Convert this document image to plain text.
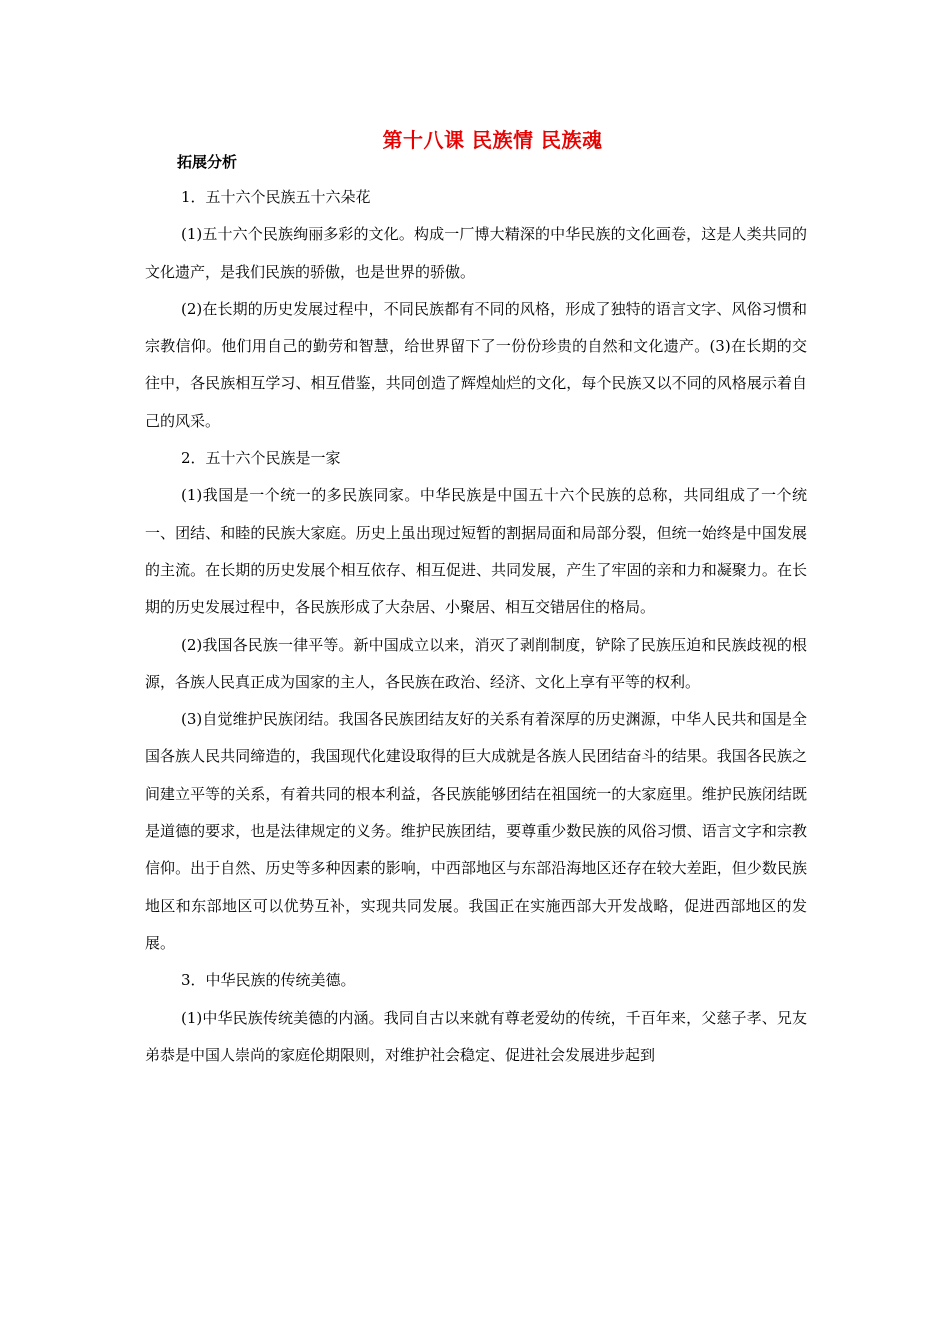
第十八课 民族情 民族魂
拓展分析
1．五十六个民族五十六朵花
(1)五十六个民族绚丽多彩的文化。构成一厂博大精深的中华民族的文化画卷，这是人类共同的文化遗产，是我们民族的骄傲，也是世界的骄傲。
(2)在长期的历史发展过程中，不同民族都有不同的风格，形成了独特的语言文字、风俗习惯和宗教信仰。他们用自己的勤劳和智慧，给世界留下了一份份珍贵的自然和文化遗产。(3)在长期的交往中，各民族相互学习、相互借鉴，共同创造了辉煌灿烂的文化，每个民族又以不同的风格展示着自己的风采。
2．五十六个民族是一家
(1)我国是一个统一的多民族同家。中华民族是中国五十六个民族的总称，共同组成了一个统一、团结、和睦的民族大家庭。历史上虽出现过短暂的割据局面和局部分裂，但统一始终是中国发展的主流。在长期的历史发展个相互依存、相互促进、共同发展，产生了牢固的亲和力和凝聚力。在长期的历史发展过程中，各民族形成了大杂居、小聚居、相互交错居住的格局。
(2)我国各民族一律平等。新中国成立以来，消灭了剥削制度，铲除了民族压迫和民族歧视的根源，各族人民真正成为国家的主人，各民族在政治、经济、文化上享有平等的权利。
(3)自觉维护民族闭结。我国各民族团结友好的关系有着深厚的历史渊源，中华人民共和国是全国各族人民共同缔造的，我国现代化建设取得的巨大成就是各族人民团结奋斗的结果。我国各民族之间建立平等的关系，有着共同的根本利益，各民族能够团结在祖国统一的大家庭里。维护民族闭结既是道德的要求，也是法律规定的义务。维护民族团结，要尊重少数民族的风俗习惯、语言文字和宗教信仰。出于自然、历史等多种因素的影响，中西部地区与东部沿海地区还存在较大差距，但少数民族地区和东部地区可以优势互补，实现共同发展。我国正在实施西部大开发战略，促进西部地区的发展。
3．中华民族的传统美德。
(1)中华民族传统美德的内涵。我同自古以来就有尊老爱幼的传统，千百年来，父慈子孝、兄友弟恭是中国人崇尚的家庭伦期限则，对维护社会稳定、促进社会发展进步起到
